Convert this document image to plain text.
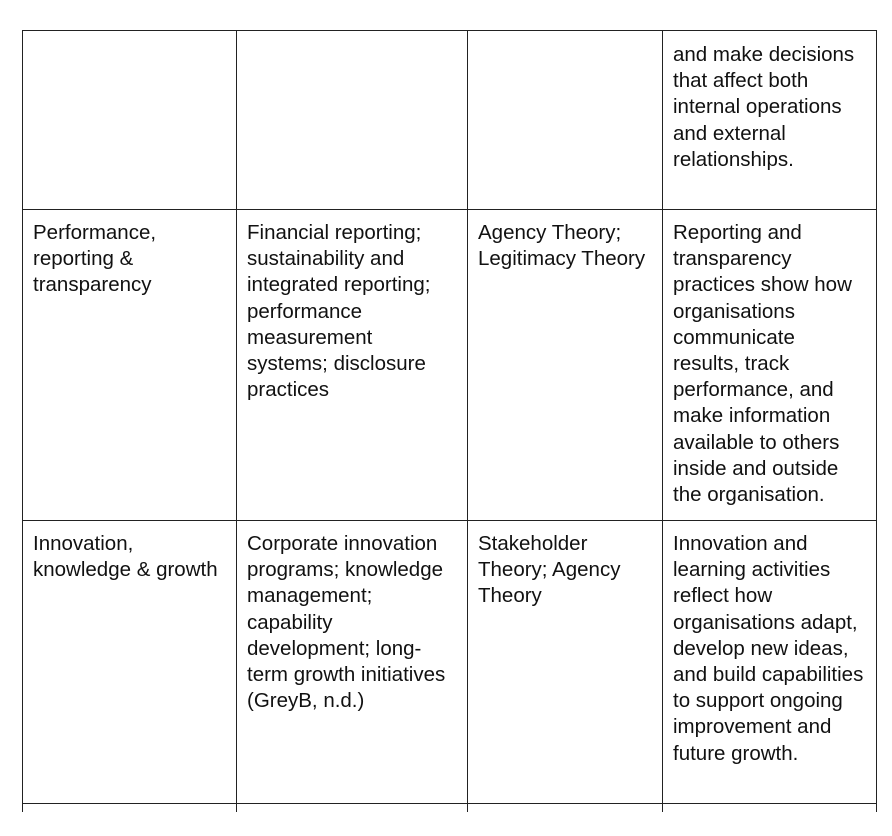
			and make decisions that affect both internal operations and external relationships.

Performance, reporting & transparency	Financial reporting; sustainability and integrated reporting; performance measurement systems; disclosure practices	Agency Theory; Legitimacy Theory	Reporting and transparency practices show how organisations communicate results, track performance, and make information available to others inside and outside the organisation.

Innovation, knowledge & growth	Corporate innovation programs; knowledge management; capability development; long-term growth initiatives (GreyB, n.d.)	Stakeholder Theory; Agency Theory	Innovation and learning activities reflect how organisations adapt, develop new ideas, and build capabilities to support ongoing improvement and future growth.
